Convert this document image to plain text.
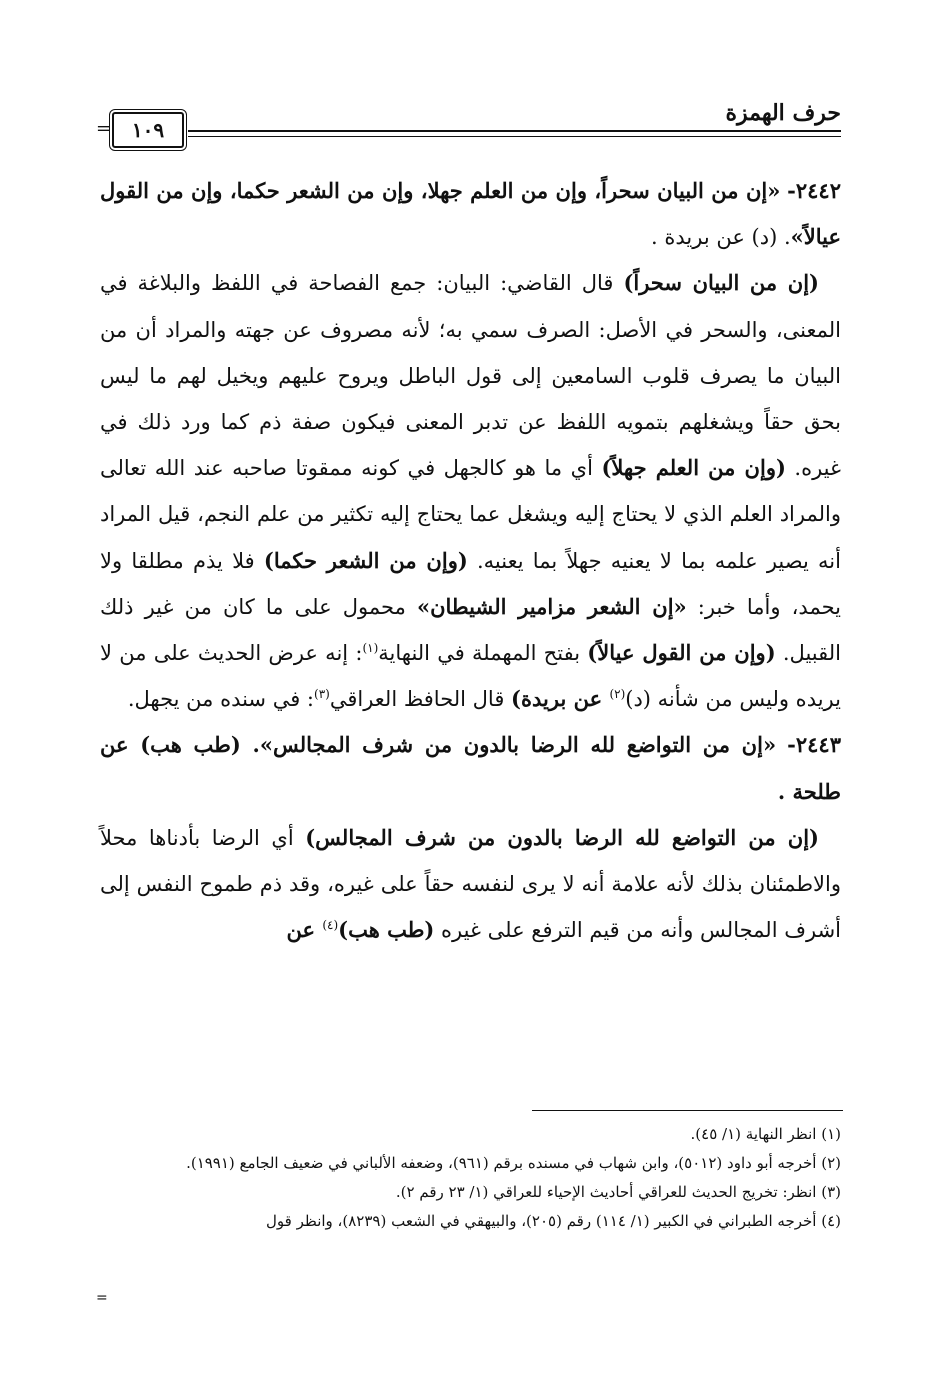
=	١٠٩
حرف الهمزة

٢٤٤٢- «إن من البيان سحراً، وإن من العلم جهلا، وإن من الشعر حكما، وإن من القول عيالاً». (د) عن بريدة .

(إن من البيان سحراً) قال القاضي: البيان: جمع الفصاحة في اللفظ والبلاغة في المعنى، والسحر في الأصل: الصرف سمي به؛ لأنه مصروف عن جهته والمراد أن من البيان ما يصرف قلوب السامعين إلى قول الباطل ويروح عليهم ويخيل لهم ما ليس بحق حقاً ويشغلهم بتمويه اللفظ عن تدبر المعنى فيكون صفة ذم كما ورد ذلك في غيره. (وإن من العلم جهلاً) أي ما هو كالجهل في كونه ممقوتا صاحبه عند الله تعالى والمراد العلم الذي لا يحتاج إليه ويشغل عما يحتاج إليه تكثير من علم النجم، قيل المراد أنه يصير علمه بما لا يعنيه جهلاً بما يعنيه. (وإن من الشعر حكما) فلا يذم مطلقا ولا يحمد، وأما خبر: «إن الشعر مزامير الشيطان» محمول على ما كان من غير ذلك القبيل. (وإن من القول عيالاً) بفتح المهملة في النهاية$^{(١)}$: إنه عرض الحديث على من لا يريده وليس من شأنه (د)$^{(٢)}$ عن بريدة) قال الحافظ العراقي$^{(٣)}$: في سنده من يجهل.

٢٤٤٣- «إن من التواضع لله الرضا بالدون من شرف المجالس». (طب هب) عن طلحة .

(إن من التواضع لله الرضا بالدون من شرف المجالس) أي الرضا بأدناها محلاً والاطمئنان بذلك لأنه علامة أنه لا يرى لنفسه حقاً على غيره، وقد ذم طموح النفس إلى أشرف المجالس وأنه من قيم الترفع على غيره (طب هب)$^{(٤)}$ عن

(١) انظر النهاية (١/ ٤٥).

(٢) أخرجه أبو داود (٥٠١٢)، وابن شهاب في مسنده برقم (٩٦١)، وضعفه الألباني في ضعيف الجامع (١٩٩١).

(٣) انظر: تخريج الحديث للعراقي أحاديث الإحياء للعراقي (١/ ٢٣ رقم ٢).

(٤) أخرجه الطبراني في الكبير (١/ ١١٤) رقم (٢٠٥)، والبيهقي في الشعب (٨٢٣٩)، وانظر قول

=
